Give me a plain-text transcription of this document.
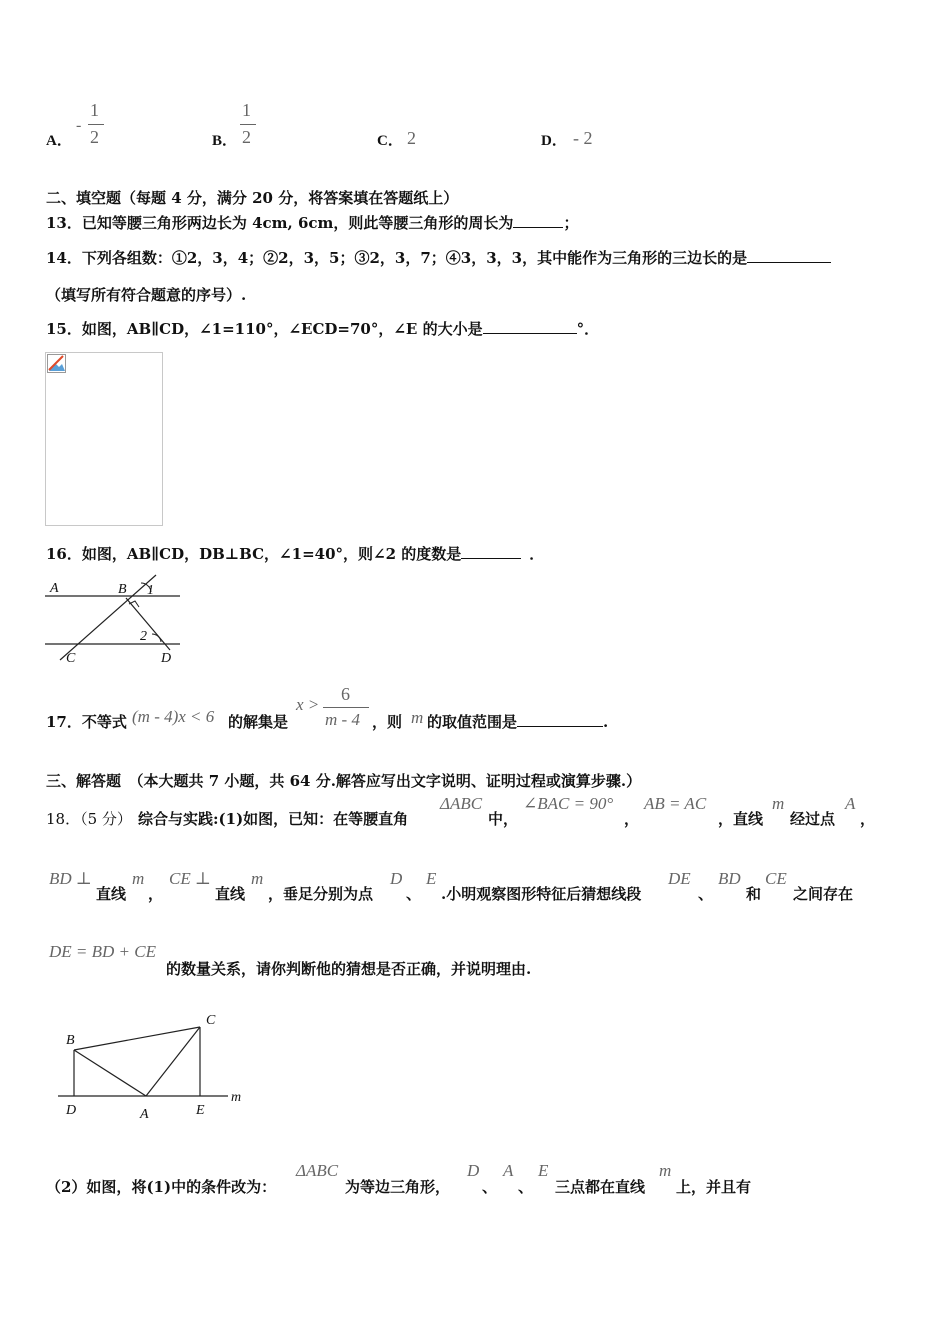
A．
-
1
2	B．
1
2	C． 2	D． - 2
二、填空题（每题 4 分，满分 20 分，将答案填在答题纸上）
13．已知等腰三角形两边长为 4cm, 6cm，则此等腰三角形的周长为	；
14．下列各组数：①2，3，4；②2，3，5；③2，3，7；④3，3，3，其中能作为三角形的三边长的是
（填写所有符合题意的序号）.
15．如图，AB∥CD，∠1=110°，∠ECD=70°，∠E 的大小是	°．
16．如图，AB∥CD，DB⊥BC，∠1=40°，则∠2 的度数是	．
A	B 1
2
C	D
17．不等式 (m - 4)x < 6 的解集是
x >
6
m - 4 ，则 m 的取值范围是	.
三、解答题　（本大题共 7 小题，共 64 分.解答应写出文字说明、证明过程或演算步骤.）
18．（5 分） 综合与实践:(1)如图，已知：在等腰直角
ΔABC
中，
∠BAC = 90°
，
AB = AC
，直线
m
经过点
A
，
BD ⊥
直线
m
，
CE ⊥
直线
m
，垂足分别为点
D
、
E
.小明观察图形特征后猜想线段
DE
、
BD
和
CE
之间存在
DE = BD + CE
的数量关系，请你判断他的猜想是否正确，并说明理由.
B
C
D	A	E
m
（2）如图，将(1)中的条件改为：
ΔABC
为等边三角形，
D
、
A
、
E
三点都在直线
m
上，并且有
